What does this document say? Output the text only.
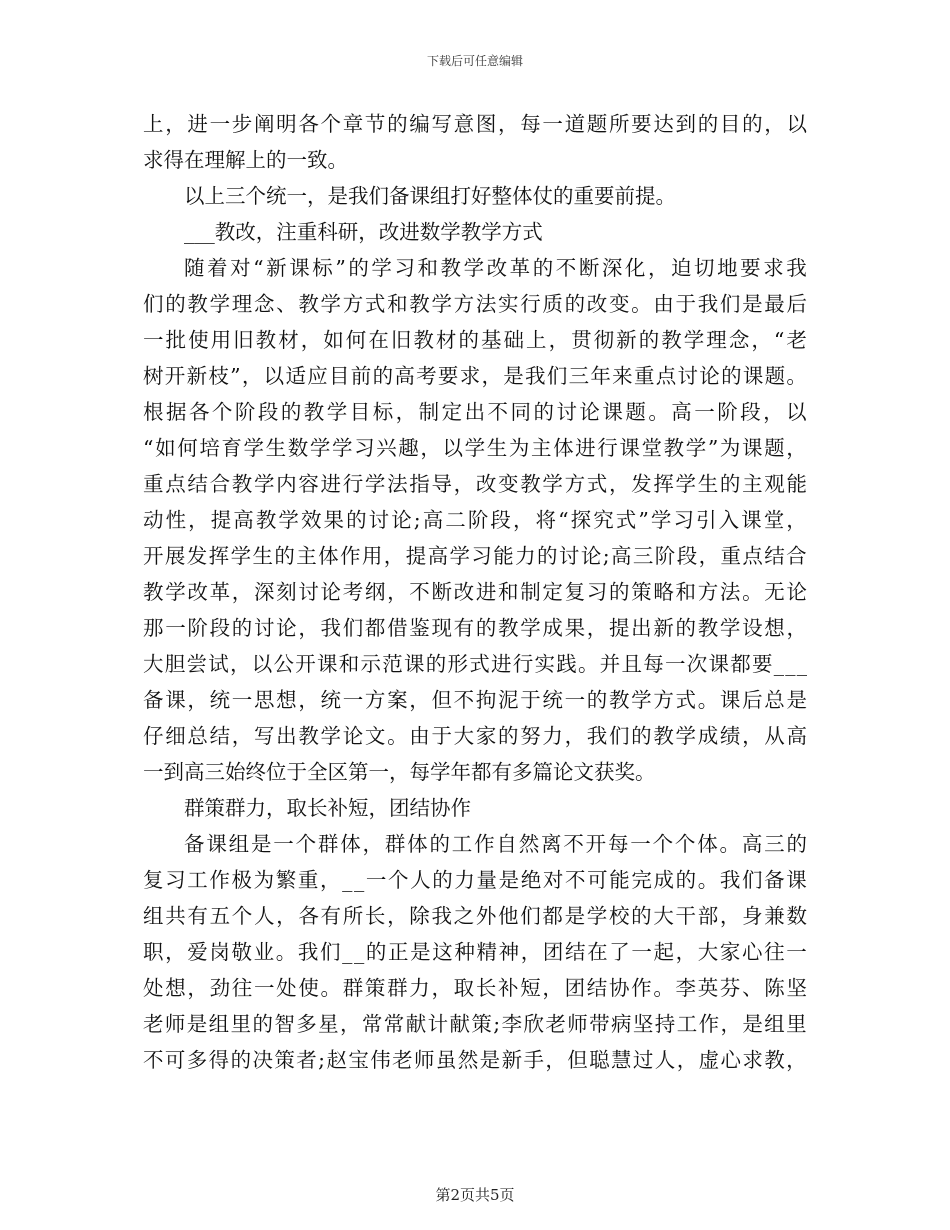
下载后可任意编辑
上 ， 进 一 步 阐 明 各 个 章 节 的 编 写 意 图 ， 每 一 道 题 所 要 达 到 的 目 的 ， 以
求得在理解上的一致。
以上三个统一，是我们备课组打好整体仗的重要前提。
___教改，注重科研，改进数学教学方式
随 着 对 “ 新 课 标 ” 的 学 习 和 教 学 改 革 的 不 断 深 化 ， 迫 切 地 要 求 我
们 的 教 学 理 念 、 教 学 方 式 和 教 学 方 法 实 行 质 的 改 变 。 由 于 我 们 是 最 后
一 批 使 用 旧 教 材 ， 如 何 在 旧 教 材 的 基 础 上 ， 贯 彻 新 的 教 学 理 念 ， “ 老
树 开 新 枝 ” ， 以 适 应 目 前 的 高 考 要 求 ， 是 我 们 三 年 来 重 点 讨 论 的 课 题 。
根 据 各 个 阶 段 的 教 学 目 标 ， 制 定 出 不 同 的 讨 论 课 题 。 高 一 阶 段 ， 以
“ 如 何 培 育 学 生 数 学 学 习 兴 趣 ， 以 学 生 为 主 体 进 行 课 堂 教 学 ” 为 课 题 ，
重 点 结 合 教 学 内 容 进 行 学 法 指 导 ， 改 变 教 学 方 式 ， 发 挥 学 生 的 主 观 能
动 性 ， 提 高 教 学 效 果 的 讨 论 ; 高 二 阶 段 ， 将 “ 探 究 式 ” 学 习 引 入 课 堂 ，
开 展 发 挥 学 生 的 主 体 作 用 ， 提 高 学 习 能 力 的 讨 论 ; 高 三 阶 段 ， 重 点 结 合
教 学 改 革 ， 深 刻 讨 论 考 纲 ， 不 断 改 进 和 制 定 复 习 的 策 略 和 方 法 。 无 论
那 一 阶 段 的 讨 论 ， 我 们 都 借 鉴 现 有 的 教 学 成 果 ， 提 出 新 的 教 学 设 想 ，
大 胆 尝 试 ， 以 公 开 课 和 示 范 课 的 形 式 进 行 实 践 。 并 且 每 一 次 课 都 要 _ _ _
备 课 ， 统 一 思 想 ， 统 一 方 案 ， 但 不 拘 泥 于 统 一 的 教 学 方 式 。 课 后 总 是
仔 细 总 结 ， 写 出 教 学 论 文 。 由 于 大 家 的 努 力 ， 我 们 的 教 学 成 绩 ， 从 高
一到高三始终位于全区第一，每学年都有多篇论文获奖。
群策群力，取长补短，团结协作
备 课 组 是 一 个 群 体 ， 群 体 的 工 作 自 然 离 不 开 每 一 个 个 体 。 高 三 的
复 习 工 作 极 为 繁 重 ， _ _ 一 个 人 的 力 量 是 绝 对 不 可 能 完 成 的 。 我 们 备 课
组 共 有 五 个 人 ， 各 有 所 长 ， 除 我 之 外 他 们 都 是 学 校 的 大 干 部 ， 身 兼 数
职 ， 爱 岗 敬 业 。 我 们 _ _ 的 正 是 这 种 精 神 ， 团 结 在 了 一 起 ， 大 家 心 往 一
处 想 ， 劲 往 一 处 使 。 群 策 群 力 ， 取 长 补 短 ， 团 结 协 作 。 李 英 芬 、 陈 坚
老 师 是 组 里 的 智 多 星 ， 常 常 献 计 献 策 ; 李 欣 老 师 带 病 坚 持 工 作 ， 是 组 里
不 可 多 得 的 决 策 者 ; 赵 宝 伟 老 师 虽 然 是 新 手 ， 但 聪 慧 过 人 ， 虚 心 求 教 ，
第2页共5页
